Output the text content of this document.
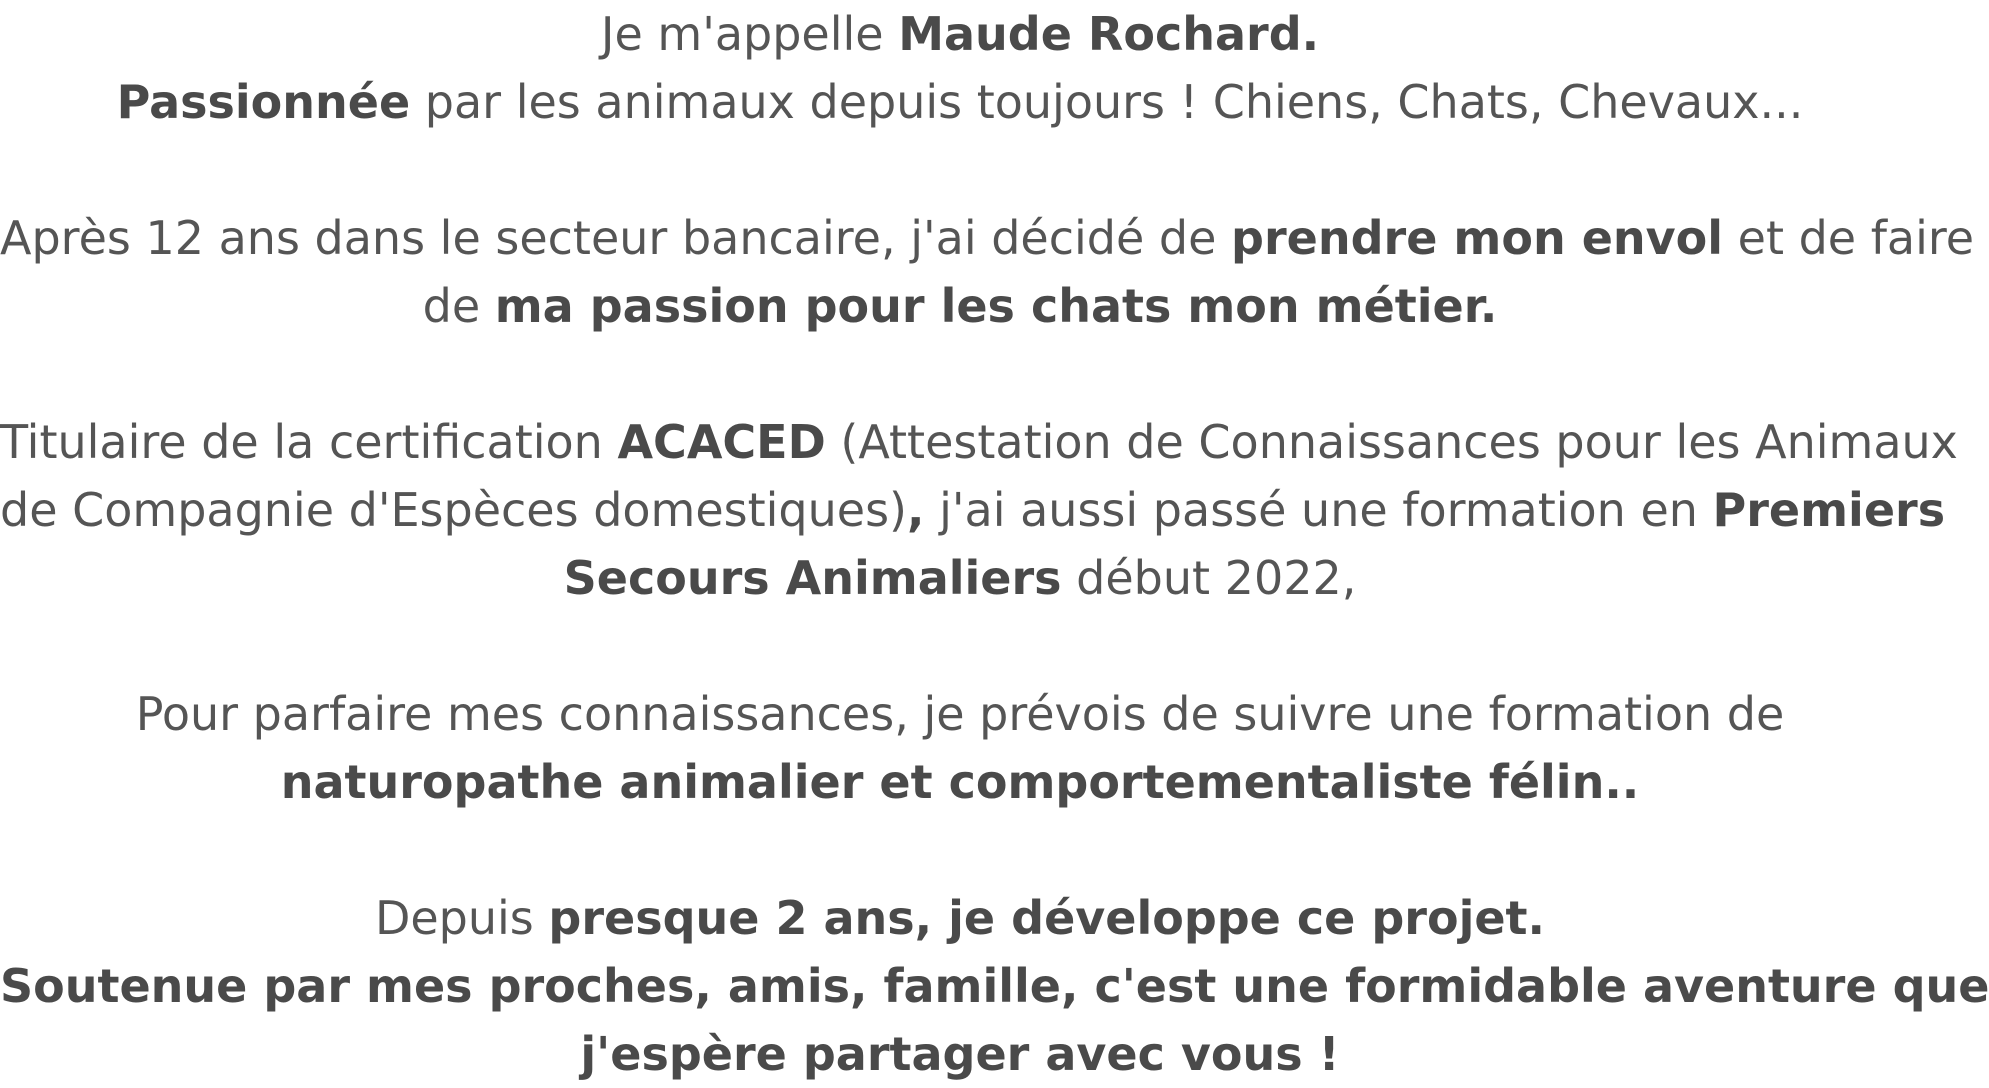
Je m'appelle Maude Rochard.
Passionnée par les animaux depuis toujours ! Chiens, Chats, Chevaux...

Après 12 ans dans le secteur bancaire, j'ai décidé de prendre mon envol et de faire
de ma passion pour les chats mon métier.

Titulaire de la certification ACACED (Attestation de Connaissances pour les Animaux
de Compagnie d'Espèces domestiques), j'ai aussi passé une formation en Premiers
Secours Animaliers début 2022,

Pour parfaire mes connaissances, je prévois de suivre une formation de
naturopathe animalier et comportementaliste félin..

Depuis presque 2 ans, je développe ce projet.
Soutenue par mes proches, amis, famille, c'est une formidable aventure que
j'espère partager avec vous !
